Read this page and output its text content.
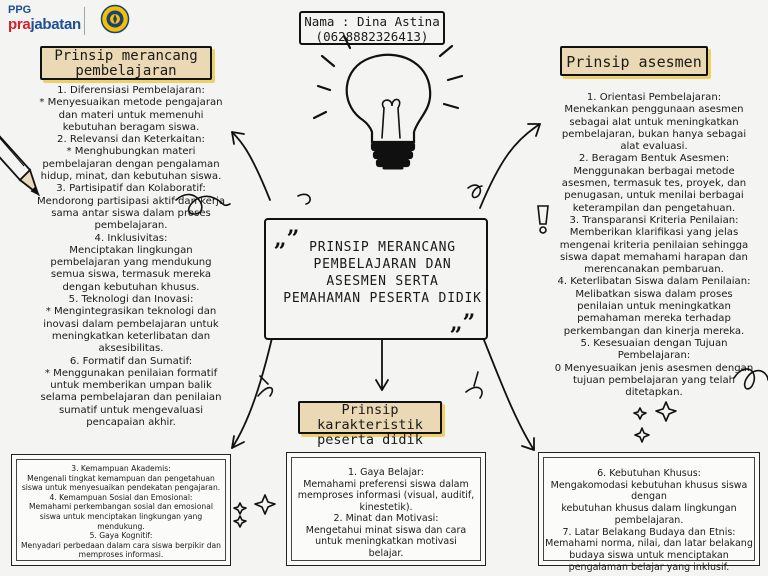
PPG
prajabatan	Nama : Dina Astina
(0628882326413)
Prinsip merancang
pembelajaran	Prinsip asesmen
Prinsip karakteristik
peserta didik
1. Diferensiasi Pembelajaran:
* Menyesuaikan metode pengajaran
dan materi untuk memenuhi
kebutuhan beragam siswa.
2. Relevansi dan Keterkaitan:
* Menghubungkan materi
pembelajaran dengan pengalaman
hidup, minat, dan kebutuhan siswa.
3. Partisipatif dan Kolaboratif:
Mendorong partisipasi aktif dan kerja
sama antar siswa dalam proses
pembelajaran.
4. Inklusivitas:
Menciptakan lingkungan
pembelajaran yang mendukung
semua siswa, termasuk mereka
dengan kebutuhan khusus.
5. Teknologi dan Inovasi:
* Mengintegrasikan teknologi dan
inovasi dalam pembelajaran untuk
meningkatkan keterlibatan dan
aksesibilitas.
6. Formatif dan Sumatif:
* Menggunakan penilaian formatif
untuk memberikan umpan balik
selama pembelajaran dan penilaian
sumatif untuk mengevaluasi
pencapaian akhir.
1. Orientasi Pembelajaran:
Menekankan penggunaan asesmen
sebagai alat untuk meningkatkan
pembelajaran, bukan hanya sebagai
alat evaluasi.
2. Beragam Bentuk Asesmen:
Menggunakan berbagai metode
asesmen, termasuk tes, proyek, dan
penugasan, untuk menilai berbagai
keterampilan dan pengetahuan.
3. Transparansi Kriteria Penilaian:
Memberikan klarifikasi yang jelas
mengenai kriteria penilaian sehingga
siswa dapat memahami harapan dan
merencanakan pembaruan.
4. Keterlibatan Siswa dalam Penilaian:
Melibatkan siswa dalam proses
penilaian untuk meningkatkan
pemahaman mereka terhadap
perkembangan dan kinerja mereka.
5. Kesesuaian dengan Tujuan
Pembelajaran:
0 Menyesuaikan jenis asesmen dengan
tujuan pembelajaran yang telah
ditetapkan.
„” PRINSIP MERANCANG
PEMBELAJARAN DAN
ASESMEN SERTA
PEMAHAMAN PESERTA DIDIK
„”
3. Kemampuan Akademis:
Mengenali tingkat kemampuan dan pengetahuan
siswa untuk menyesuaikan pendekatan pengajaran.
4. Kemampuan Sosial dan Emosional:
Memahami perkembangan sosial dan emosional
siswa untuk menciptakan lingkungan yang
mendukung.
5. Gaya Kognitif:
Menyadari perbedaan dalam cara siswa berpikir dan
memproses informasi.
1. Gaya Belajar:
Memahami preferensi siswa dalam
memproses informasi (visual, auditif,
kinestetik).
2. Minat dan Motivasi:
Mengetahui minat siswa dan cara
untuk meningkatkan motivasi
belajar.
6. Kebutuhan Khusus:
Mengakomodasi kebutuhan khusus siswa dengan
kebutuhan khusus dalam lingkungan
pembelajaran.
7. Latar Belakang Budaya dan Etnis:
Memahami norma, nilai, dan latar belakang
budaya siswa untuk menciptakan
pengalaman belajar yang inklusif.
